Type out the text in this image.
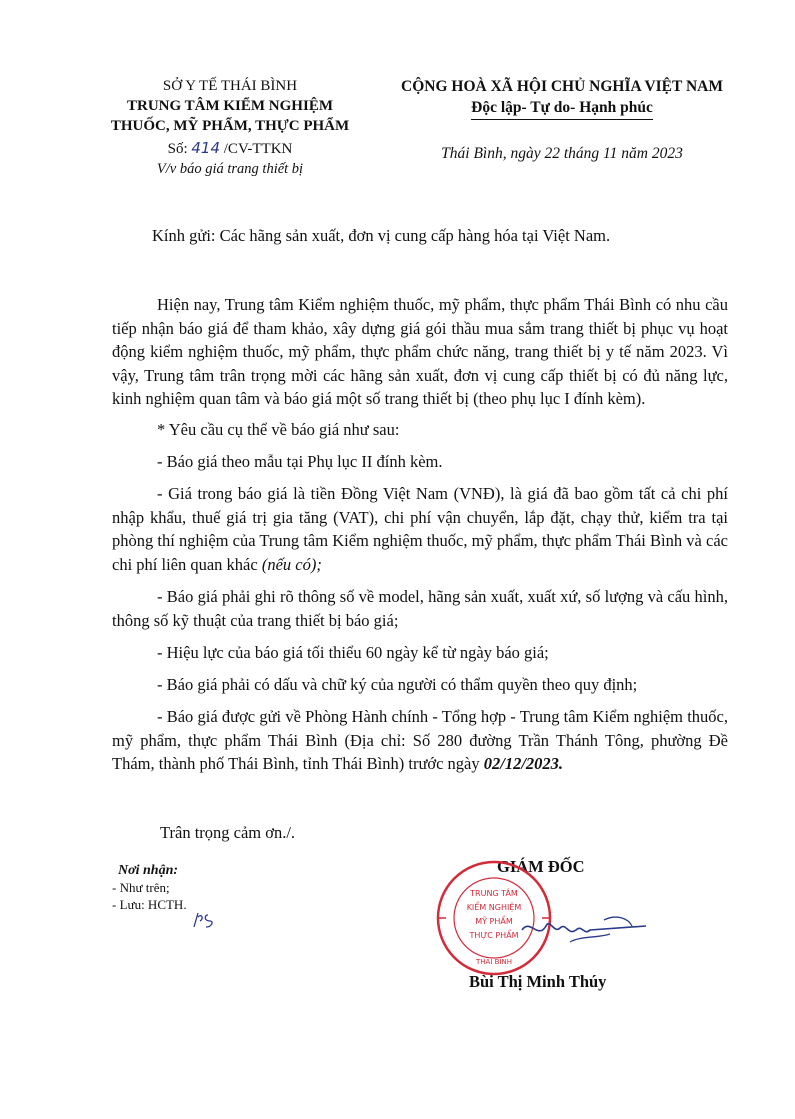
SỞ Y TẾ THÁI BÌNH
TRUNG TÂM KIỂM NGHIỆM
THUỐC, MỸ PHẨM, THỰC PHẨM
Số: 414 /CV-TTKN
V/v báo giá trang thiết bị
CỘNG HOÀ XÃ HỘI CHỦ NGHĨA VIỆT NAM
Độc lập- Tự do- Hạnh phúc
Thái Bình, ngày 22 tháng 11 năm 2023
Kính gửi: Các hãng sản xuất, đơn vị cung cấp hàng hóa tại Việt Nam.

Hiện nay, Trung tâm Kiểm nghiệm thuốc, mỹ phẩm, thực phẩm Thái Bình có nhu cầu tiếp nhận báo giá để tham khảo, xây dựng giá gói thầu mua sắm trang thiết bị phục vụ hoạt động kiểm nghiệm thuốc, mỹ phẩm, thực phẩm chức năng, trang thiết bị y tế năm 2023. Vì vậy, Trung tâm trân trọng mời các hãng sản xuất, đơn vị cung cấp thiết bị có đủ năng lực, kinh nghiệm quan tâm và báo giá một số trang thiết bị (theo phụ lục I đính kèm).

* Yêu cầu cụ thể về báo giá như sau:

- Báo giá theo mẫu tại Phụ lục II đính kèm.

- Giá trong báo giá là tiền Đồng Việt Nam (VNĐ), là giá đã bao gồm tất cả chi phí nhập khẩu, thuế giá trị gia tăng (VAT), chi phí vận chuyển, lắp đặt, chạy thử, kiểm tra tại phòng thí nghiệm của Trung tâm Kiểm nghiệm thuốc, mỹ phẩm, thực phẩm Thái Bình và các chi phí liên quan khác (nếu có);

- Báo giá phải ghi rõ thông số về model, hãng sản xuất, xuất xứ, số lượng và cấu hình, thông số kỹ thuật của trang thiết bị báo giá;

- Hiệu lực của báo giá tối thiểu 60 ngày kể từ ngày báo giá;

- Báo giá phải có dấu và chữ ký của người có thẩm quyền theo quy định;

- Báo giá được gửi về Phòng Hành chính - Tổng hợp - Trung tâm Kiểm nghiệm thuốc, mỹ phẩm, thực phẩm Thái Bình (Địa chỉ: Số 280 đường Trần Thánh Tông, phường Đề Thám, thành phố Thái Bình, tỉnh Thái Bình) trước ngày 02/12/2023.

Trân trọng cảm ơn./.
Nơi nhận:
- Như trên;
- Lưu: HCTH.
GIÁM ĐỐC
TRUNG TÂM
KIỂM NGHIỆM
MỸ PHẨM
THỰC PHẨM
THÁI BÌNH
Bùi Thị Minh Thúy
